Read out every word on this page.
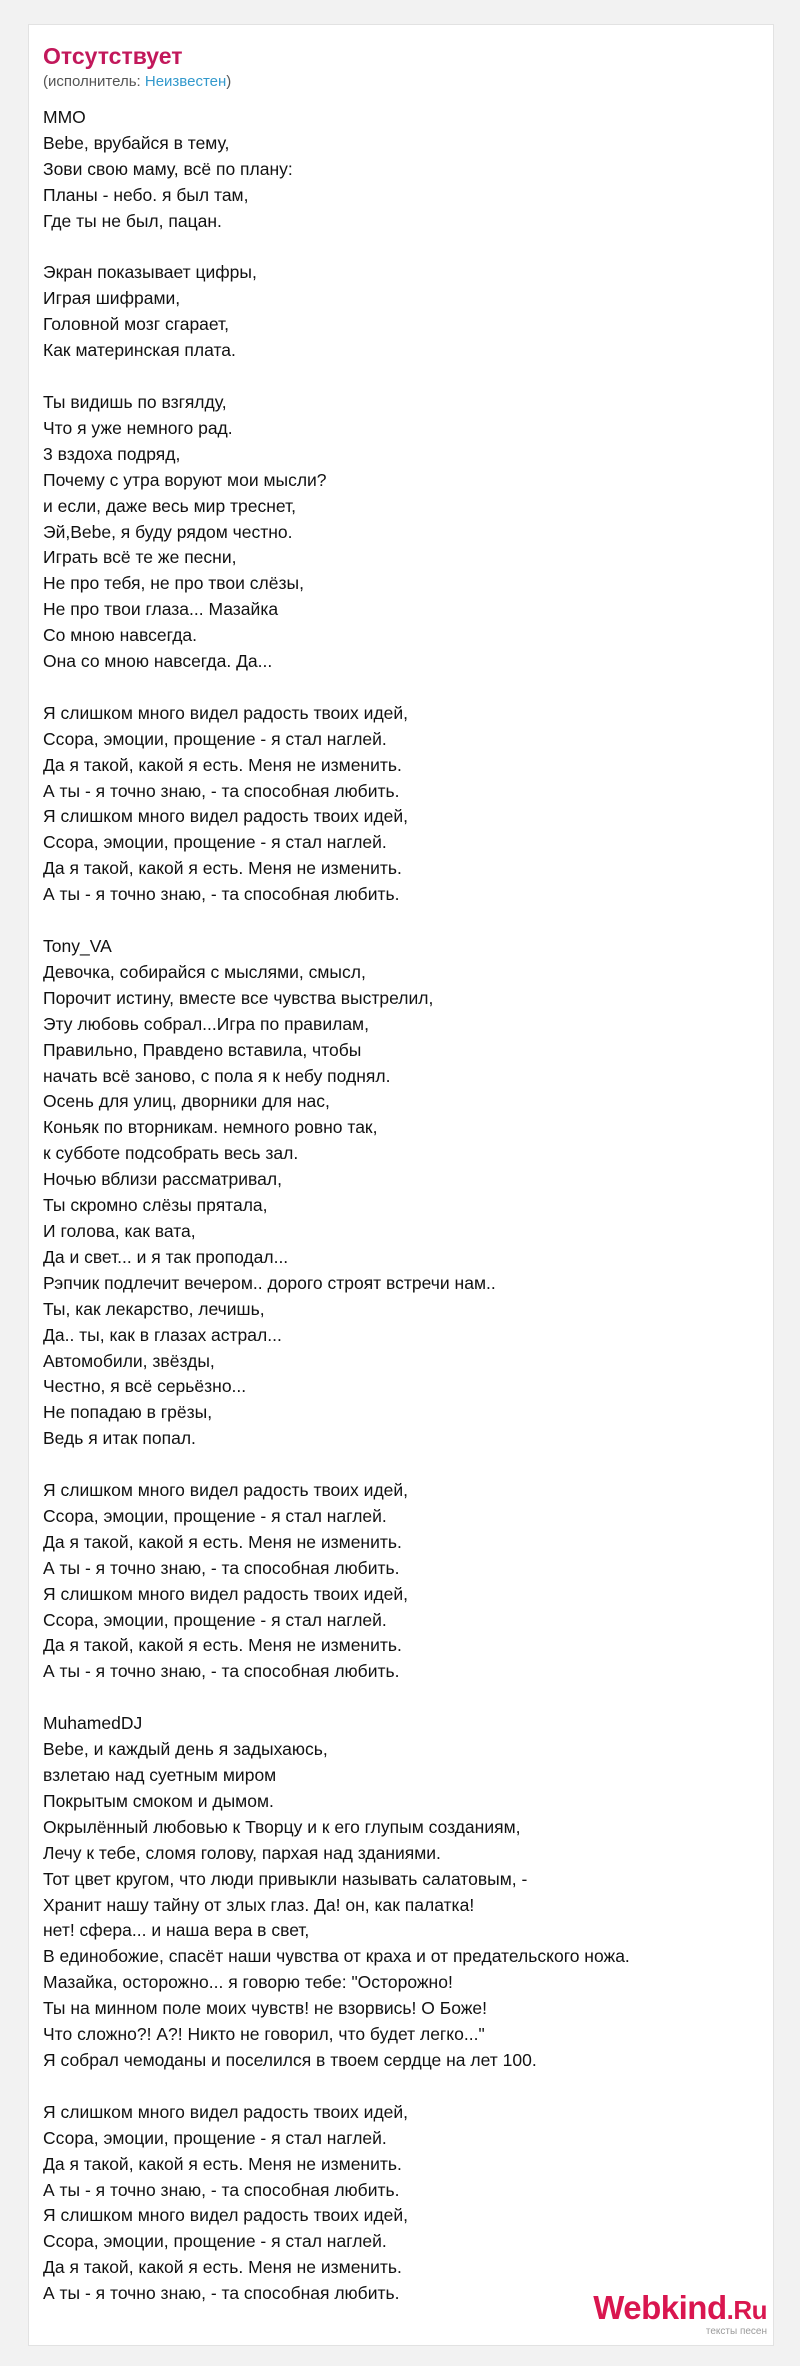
Отсутствует
(исполнитель: Неизвестен)
MMO
Bebe, врубайся в тему,
Зови свою маму, всё по плану:
Планы - небо. я был там,
Где ты не был, пацан.

Экран показывает цифры,
Играя шифрами,
Головной мозг сгарает,
Как материнская плата.

Ты видишь по взгялду,
Что я уже немного рад.
3 вздоха подряд,
Почему с утра воруют мои мысли?
и если, даже весь мир треснет,
Эй,Bebe, я буду рядом честно.
Играть всё те же песни,
Не про тебя, не про твои слёзы,
Не про твои глаза... Мазайка
Со мною навсегда.
Она со мною навсегда. Да...

Я слишком много видел радость твоих идей,
Ссора, эмоции, прощение - я стал наглей.
Да я такой, какой я есть. Меня не изменить.
А ты - я точно знаю, - та способная любить.
Я слишком много видел радость твоих идей,
Ссора, эмоции, прощение - я стал наглей.
Да я такой, какой я есть. Меня не изменить.
А ты - я точно знаю, - та способная любить.

Tony_VA
Девочка, собирайся с мыслями, смысл,
Порочит истину, вместе все чувства выстрелил,
Эту любовь собрал...Игра по правилам,
Правильно, Правдено вставила, чтобы
начать всё заново, с пола я к небу поднял.
Осень для улиц, дворники для нас,
Коньяк по вторникам. немного ровно так,
к субботе подсобрать весь зал.
Ночью вблизи рассматривал,
Ты скромно слёзы прятала,
И голова, как вата,
Да и свет... и я так проподал...
Рэпчик подлечит вечером.. дорого строят встречи нам..
Ты, как лекарство, лечишь,
Да.. ты, как в глазах астрал...
Автомобили, звёзды,
Честно, я всё серьёзно...
Не попадаю в грёзы,
Ведь я итак попал.

Я слишком много видел радость твоих идей,
Ссора, эмоции, прощение - я стал наглей.
Да я такой, какой я есть. Меня не изменить.
А ты - я точно знаю, - та способная любить.
Я слишком много видел радость твоих идей,
Ссора, эмоции, прощение - я стал наглей.
Да я такой, какой я есть. Меня не изменить.
А ты - я точно знаю, - та способная любить.

MuhamedDJ
Bebe, и каждый день я задыхаюсь,
взлетаю над суетным миром
Покрытым смоком и дымом.
Окрылённый любовью к Творцу и к его глупым созданиям,
Лечу к тебе, сломя голову, пархая над зданиями.
Тот цвет кругом, что люди привыкли называть салатовым, -
Хранит нашу тайну от злых глаз. Да! он, как палатка!
нет! сфера... и наша вера в свет,
В единобожие, спасёт наши чувства от краха и от предательского ножа.
Мазайка, осторожно... я говорю тебе: "Осторожно!
Ты на минном поле моих чувств! не взорвись! О Боже!
Что сложно?! А?! Никто не говорил, что будет легко..."
Я собрал чемоданы и поселился в твоем сердце на лет 100.

Я слишком много видел радость твоих идей,
Ссора, эмоции, прощение - я стал наглей.
Да я такой, какой я есть. Меня не изменить.
А ты - я точно знаю, - та способная любить.
Я слишком много видел радость твоих идей,
Ссора, эмоции, прощение - я стал наглей.
Да я такой, какой я есть. Меня не изменить.
А ты - я точно знаю, - та способная любить.	Webkind.Ru
тексты песен
